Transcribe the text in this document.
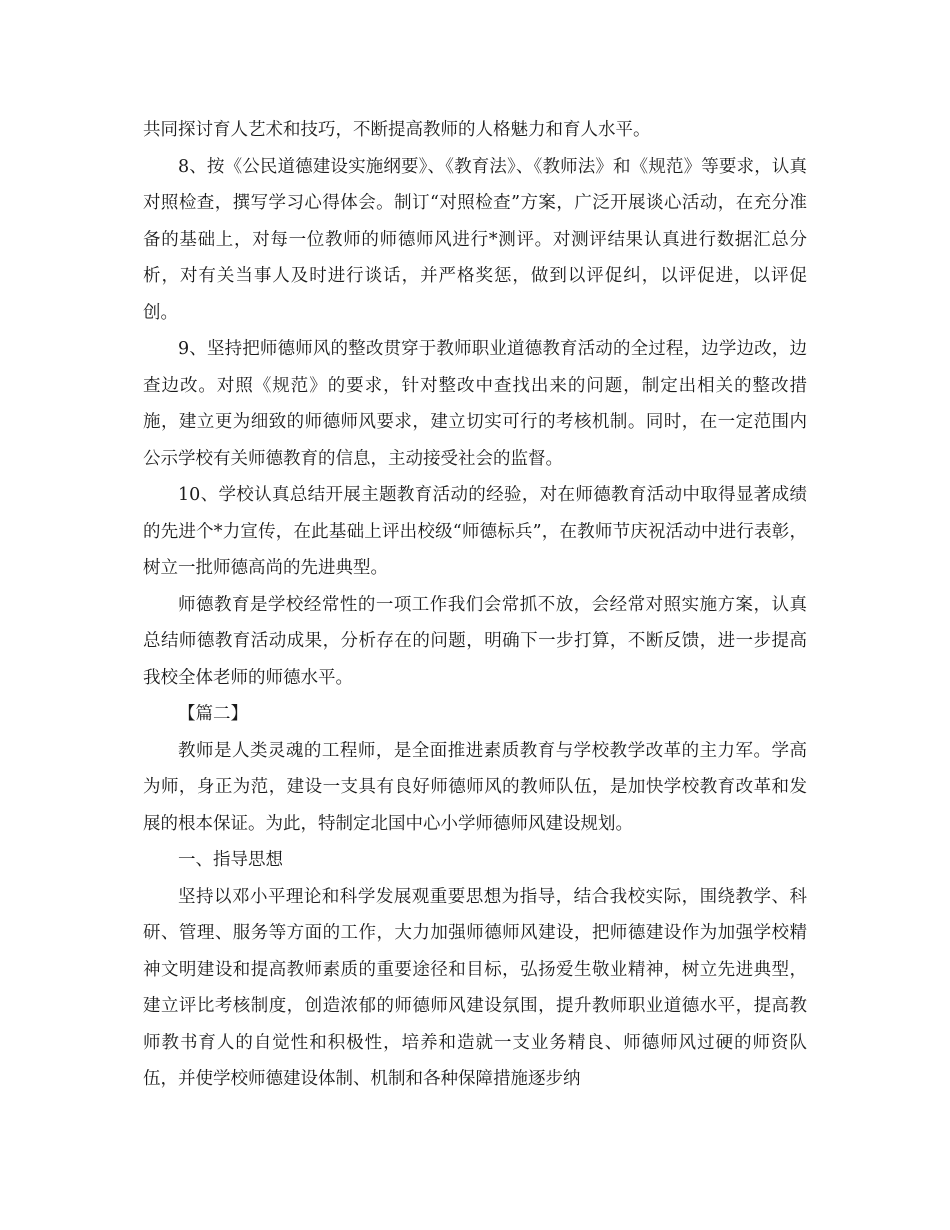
共同探讨育人艺术和技巧，不断提高教师的人格魅力和育人水平。

8、按《公民道德建设实施纲要》、《教育法》、《教师法》和《规范》等要求，认真对照检查，撰写学习心得体会。制订“对照检查”方案，广泛开展谈心活动，在充分准备的基础上，对每一位教师的师德师风进行*测评。对测评结果认真进行数据汇总分析，对有关当事人及时进行谈话，并严格奖惩，做到以评促纠，以评促进，以评促创。

9、坚持把师德师风的整改贯穿于教师职业道德教育活动的全过程，边学边改，边查边改。对照《规范》的要求，针对整改中查找出来的问题，制定出相关的整改措施，建立更为细致的师德师风要求，建立切实可行的考核机制。同时，在一定范围内公示学校有关师德教育的信息，主动接受社会的监督。

10、学校认真总结开展主题教育活动的经验，对在师德教育活动中取得显著成绩的先进个*力宣传，在此基础上评出校级“师德标兵”，在教师节庆祝活动中进行表彰，树立一批师德高尚的先进典型。

师德教育是学校经常性的一项工作我们会常抓不放，会经常对照实施方案，认真总结师德教育活动成果，分析存在的问题，明确下一步打算，不断反馈，进一步提高我校全体老师的师德水平。

【篇二】

教师是人类灵魂的工程师，是全面推进素质教育与学校教学改革的主力军。学高为师，身正为范，建设一支具有良好师德师风的教师队伍，是加快学校教育改革和发展的根本保证。为此，特制定北国中心小学师德师风建设规划。

一、指导思想

坚持以邓小平理论和科学发展观重要思想为指导，结合我校实际，围绕教学、科研、管理、服务等方面的工作，大力加强师德师风建设，把师德建设作为加强学校精神文明建设和提高教师素质的重要途径和目标，弘扬爱生敬业精神，树立先进典型，建立评比考核制度，创造浓郁的师德师风建设氛围，提升教师职业道德水平，提高教师教书育人的自觉性和积极性，培养和造就一支业务精良、师德师风过硬的师资队伍，并使学校师德建设体制、机制和各种保障措施逐步纳
